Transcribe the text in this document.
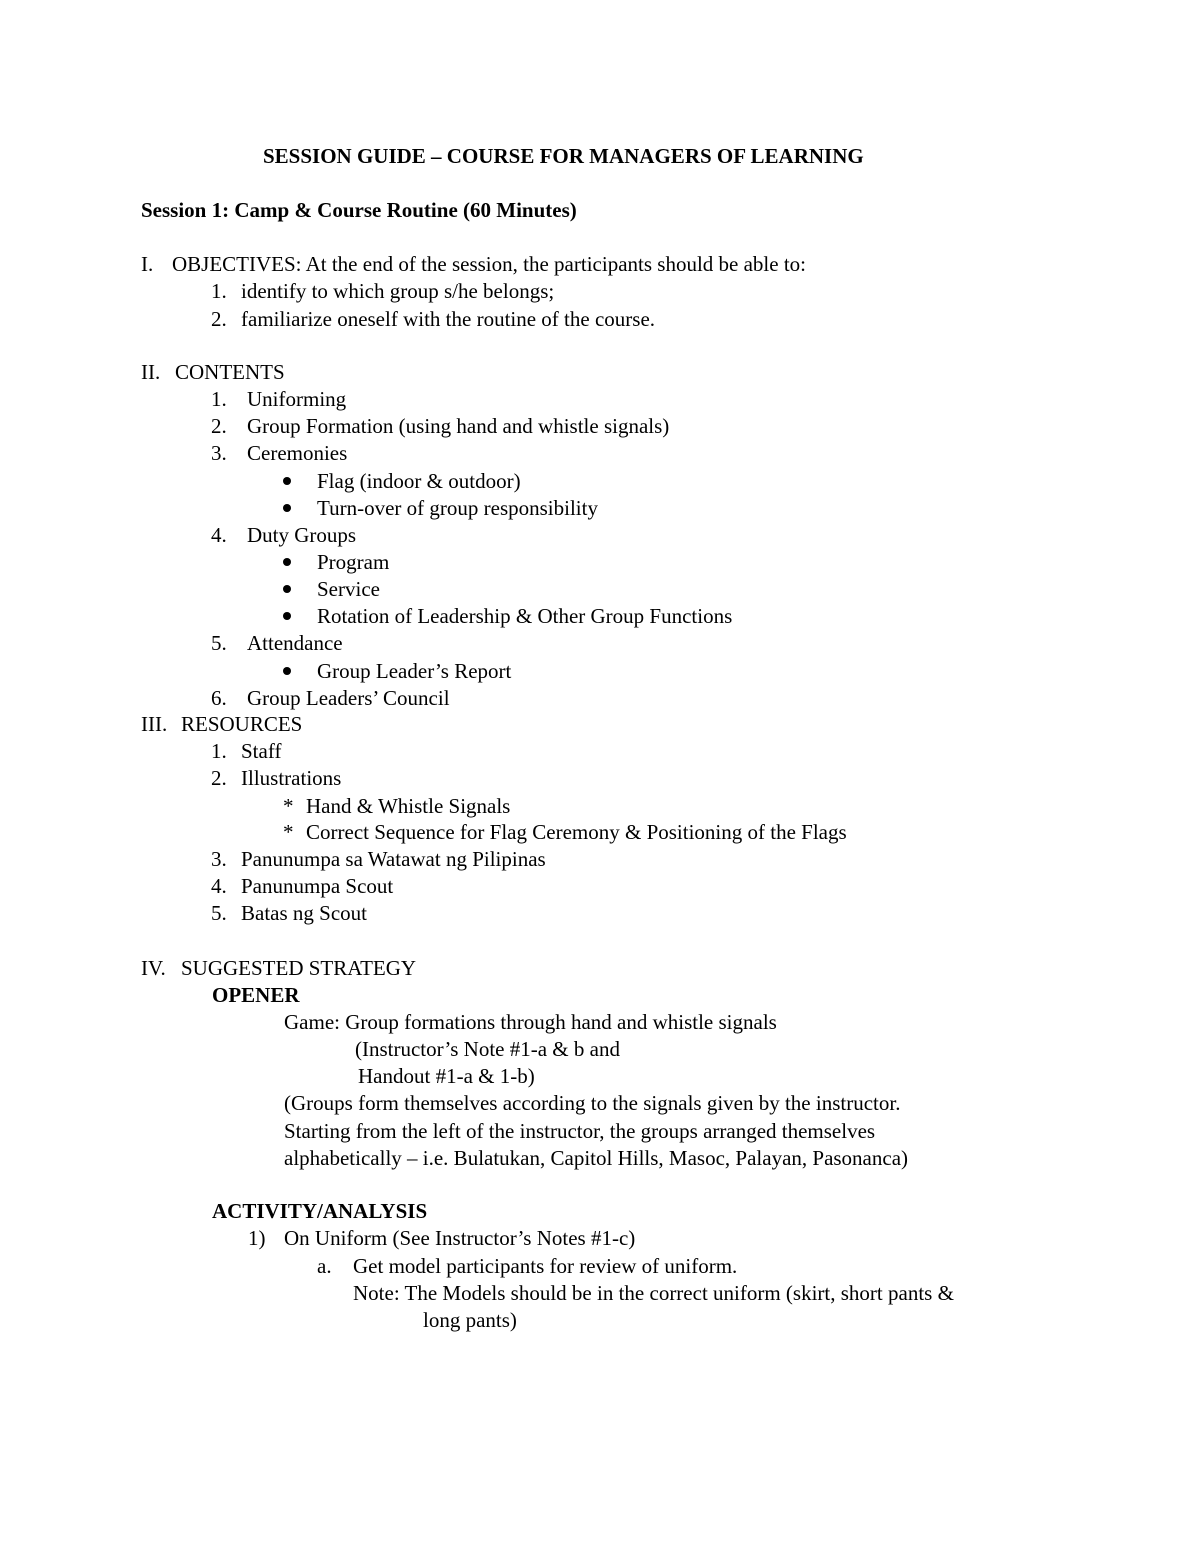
SESSION GUIDE – COURSE FOR MANAGERS OF LEARNING
Session 1: Camp & Course Routine (60 Minutes)
I. OBJECTIVES: At the end of the session, the participants should be able to:
1. identify to which group s/he belongs;
2. familiarize oneself with the routine of the course.
II. CONTENTS
1. Uniforming
2. Group Formation (using hand and whistle signals)
3. Ceremonies
Flag (indoor & outdoor)
Turn-over of group responsibility
4. Duty Groups
Program
Service
Rotation of Leadership & Other Group Functions
5. Attendance
Group Leader’s Report
6. Group Leaders’ Council
III. RESOURCES
1. Staff
2. Illustrations
* Hand & Whistle Signals
* Correct Sequence for Flag Ceremony & Positioning of the Flags
3. Panunumpa sa Watawat ng Pilipinas
4. Panunumpa Scout
5. Batas ng Scout
IV. SUGGESTED STRATEGY
OPENER
Game: Group formations through hand and whistle signals
(Instructor’s Note #1-a & b and
Handout #1-a & 1-b)
(Groups form themselves according to the signals given by the instructor.
Starting from the left of the instructor, the groups arranged themselves
alphabetically – i.e. Bulatukan, Capitol Hills, Masoc, Palayan, Pasonanca)
ACTIVITY/ANALYSIS
1) On Uniform (See Instructor’s Notes #1-c)
a. Get model participants for review of uniform.
Note: The Models should be in the correct uniform (skirt, short pants &
long pants)
